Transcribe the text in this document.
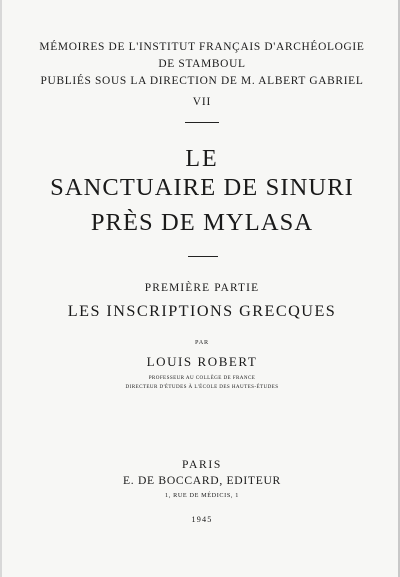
MÉMOIRES DE L'INSTITUT FRANÇAIS D'ARCHÉOLOGIE
DE STAMBOUL
PUBLIÉS SOUS LA DIRECTION DE M. ALBERT GABRIEL
VII
LE
SANCTUAIRE DE SINURI
PRÈS DE MYLASA
PREMIÈRE PARTIE
LES INSCRIPTIONS GRECQUES
PAR
LOUIS ROBERT
PROFESSEUR AU COLLÈGE DE FRANCE
DIRECTEUR D'ÉTUDES À L'ÉCOLE DES HAUTES-ÉTUDES
PARIS
E. DE BOCCARD, EDITEUR
1, RUE DE MÉDICIS, 1
1945
